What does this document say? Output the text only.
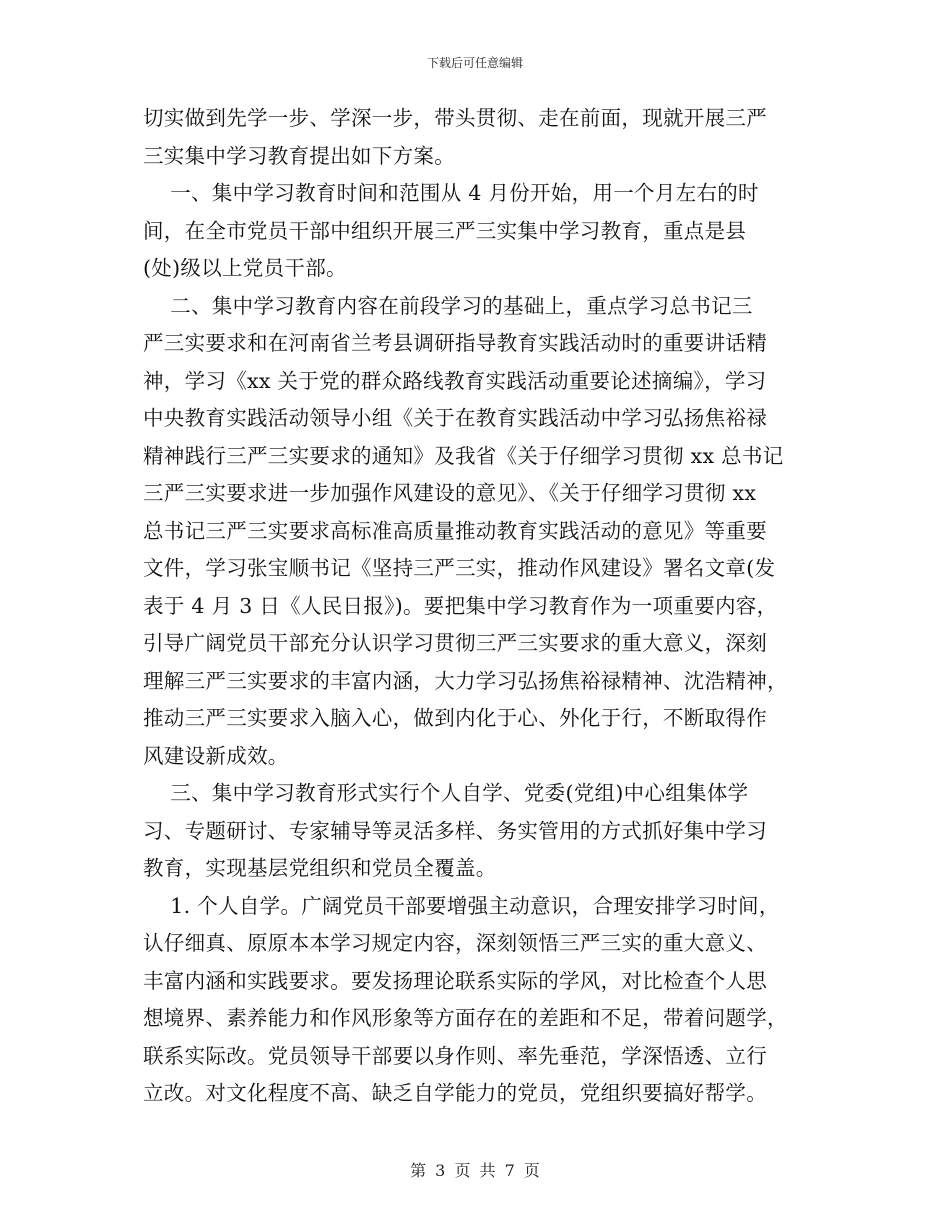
下载后可任意编辑
切实做到先学一步、学深一步，带头贯彻、走在前面，现就开展三严
三实集中学习教育提出如下方案。
一、集中学习教育时间和范围从 4 月份开始，用一个月左右的时
间，在全市党员干部中组织开展三严三实集中学习教育，重点是县
(处)级以上党员干部。
二、集中学习教育内容在前段学习的基础上，重点学习总书记三
严三实要求和在河南省兰考县调研指导教育实践活动时的重要讲话精
神，学习《xx 关于党的群众路线教育实践活动重要论述摘编》，学习
中央教育实践活动领导小组《关于在教育实践活动中学习弘扬焦裕禄
精神践行三严三实要求的通知》及我省《关于仔细学习贯彻 xx 总书记
三严三实要求进一步加强作风建设的意见》、《关于仔细学习贯彻 xx
总书记三严三实要求高标准高质量推动教育实践活动的意见》等重要
文件，学习张宝顺书记《坚持三严三实，推动作风建设》署名文章(发
表于 4 月 3 日《人民日报》)。要把集中学习教育作为一项重要内容，
引导广阔党员干部充分认识学习贯彻三严三实要求的重大意义，深刻
理解三严三实要求的丰富内涵，大力学习弘扬焦裕禄精神、沈浩精神，
推动三严三实要求入脑入心，做到内化于心、外化于行，不断取得作
风建设新成效。
三、集中学习教育形式实行个人自学、党委(党组)中心组集体学
习、专题研讨、专家辅导等灵活多样、务实管用的方式抓好集中学习
教育，实现基层党组织和党员全覆盖。
1. 个人自学。广阔党员干部要增强主动意识，合理安排学习时间，
认仔细真、原原本本学习规定内容，深刻领悟三严三实的重大意义、
丰富内涵和实践要求。要发扬理论联系实际的学风，对比检查个人思
想境界、素养能力和作风形象等方面存在的差距和不足，带着问题学，
联系实际改。党员领导干部要以身作则、率先垂范，学深悟透、立行
立改。对文化程度不高、缺乏自学能力的党员，党组织要搞好帮学。
第 3 页 共 7 页
